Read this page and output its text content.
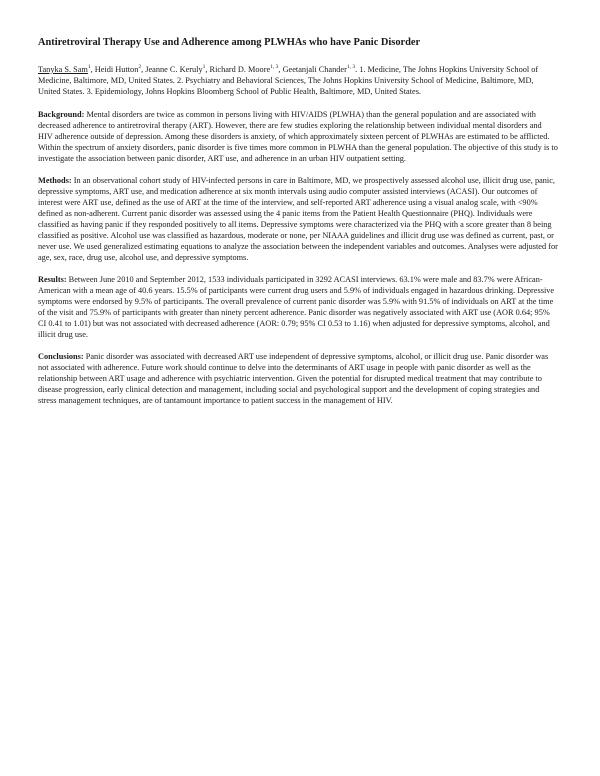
Antiretroviral Therapy Use and Adherence among PLWHAs who have Panic Disorder
Tanyka S. Sam$^1$, Heidi Hutton$^2$, Jeanne C. Keruly$^1$, Richard D. Moore$^{1, 3}$, Geetanjali Chander$^{1, 3}$. 1. Medicine, The Johns Hopkins University School of Medicine, Baltimore, MD, United States. 2. Psychiatry and Behavioral Sciences, The Johns Hopkins University School of Medicine, Baltimore, MD, United States. 3. Epidemiology, Johns Hopkins Bloomberg School of Public Health, Baltimore, MD, United States.
Background: Mental disorders are twice as common in persons living with HIV/AIDS (PLWHA) than the general population and are associated with decreased adherence to antiretroviral therapy (ART). However, there are few studies exploring the relationship between individual mental disorders and HIV adherence outside of depression. Among these disorders is anxiety, of which approximately sixteen percent of PLWHAs are estimated to be afflicted. Within the spectrum of anxiety disorders, panic disorder is five times more common in PLWHA than the general population. The objective of this study is to investigate the association between panic disorder, ART use, and adherence in an urban HIV outpatient setting.
Methods: In an observational cohort study of HIV-infected persons in care in Baltimore, MD, we prospectively assessed alcohol use, illicit drug use, panic, depressive symptoms, ART use, and medication adherence at six month intervals using audio computer assisted interviews (ACASI). Our outcomes of interest were ART use, defined as the use of ART at the time of the interview, and self-reported ART adherence using a visual analog scale, with <90% defined as non-adherent. Current panic disorder was assessed using the 4 panic items from the Patient Health Questionnaire (PHQ). Individuals were classified as having panic if they responded positively to all items. Depressive symptoms were characterized via the PHQ with a score greater than 8 being classified as positive. Alcohol use was classified as hazardous, moderate or none, per NIAAA guidelines and illicit drug use was defined as current, past, or never use. We used generalized estimating equations to analyze the association between the independent variables and outcomes. Analyses were adjusted for age, sex, race, drug use, alcohol use, and depressive symptoms.
Results: Between June 2010 and September 2012, 1533 individuals participated in 3292 ACASI interviews. 63.1% were male and 83.7% were African-American with a mean age of 40.6 years. 15.5% of participants were current drug users and 5.9% of individuals engaged in hazardous drinking. Depressive symptoms were endorsed by 9.5% of participants. The overall prevalence of current panic disorder was 5.9% with 91.5% of individuals on ART at the time of the visit and 75.9% of participants with greater than ninety percent adherence. Panic disorder was negatively associated with ART use (AOR 0.64; 95% CI 0.41 to 1.01) but was not associated with decreased adherence (AOR: 0.79; 95% CI 0.53 to 1.16) when adjusted for depressive symptoms, alcohol, and illicit drug use.
Conclusions: Panic disorder was associated with decreased ART use independent of depressive symptoms, alcohol, or illicit drug use. Panic disorder was not associated with adherence. Future work should continue to delve into the determinants of ART usage in people with panic disorder as well as the relationship between ART usage and adherence with psychiatric intervention. Given the potential for disrupted medical treatment that may contribute to disease progression, early clinical detection and management, including social and psychological support and the development of coping strategies and stress management techniques, are of tantamount importance to patient success in the management of HIV.
